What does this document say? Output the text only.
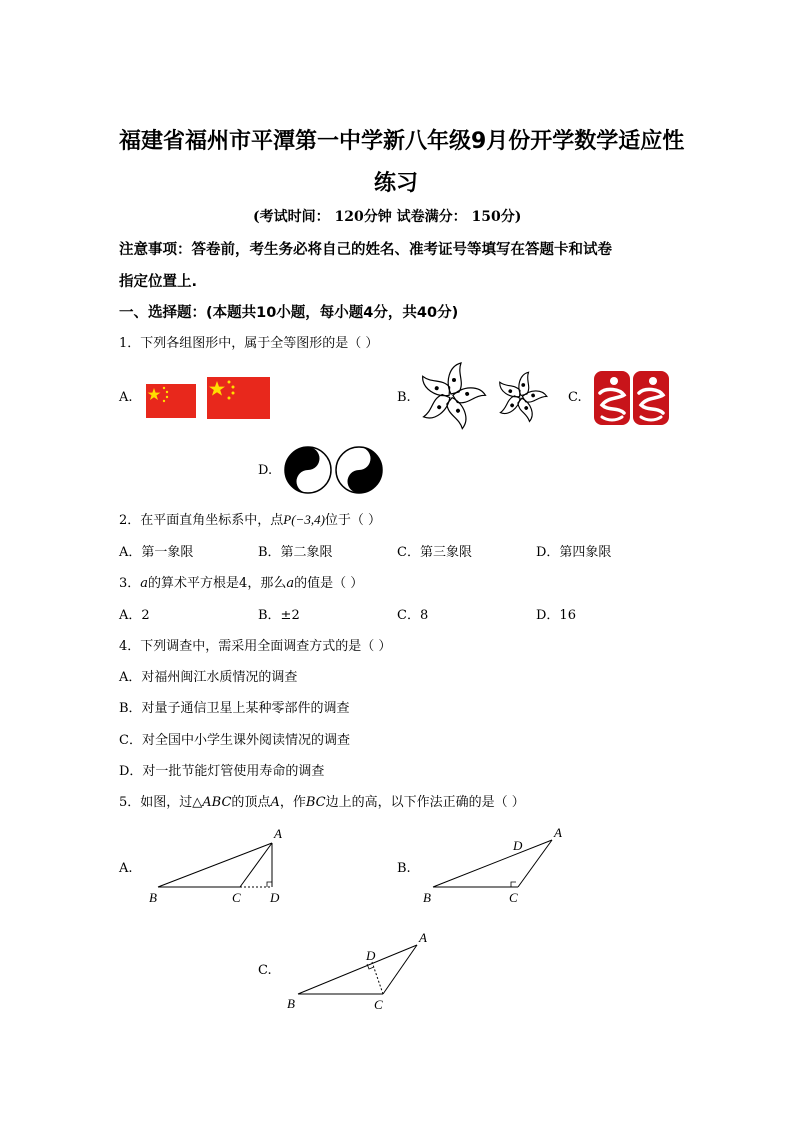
福建省福州市平潭第一中学新八年级9月份开学数学适应性
练习
(考试时间： 120分钟 试卷满分： 150分)
注意事项：答卷前，考生务必将自己的姓名、准考证号等填写在答题卡和试卷
指定位置上.
一、选择题：(本题共10小题，每小题4分，共40分)
1．下列各组图形中，属于全等图形的是（ ）
A.	B.	C.
D.
2．在平面直角坐标系中，点P(−3,4)位于（ ）
A．第一象限	B．第二象限	C．第三象限	D．第四象限
3．a的算术平方根是4，那么a的值是（ ）
A．2	B．±2	C．8	D．16
4．下列调查中，需采用全面调查方式的是（ ）
A．对福州闽江水质情况的调查
B．对量子通信卫星上某种零部件的调查
C．对全国中小学生课外阅读情况的调查
D．对一批节能灯管使用寿命的调查
5．如图，过△ABC的顶点A，作BC边上的高，以下作法正确的是（ ）
A.
A
B	C D
B.
A
D
B	C
C.
A
D
B	C
